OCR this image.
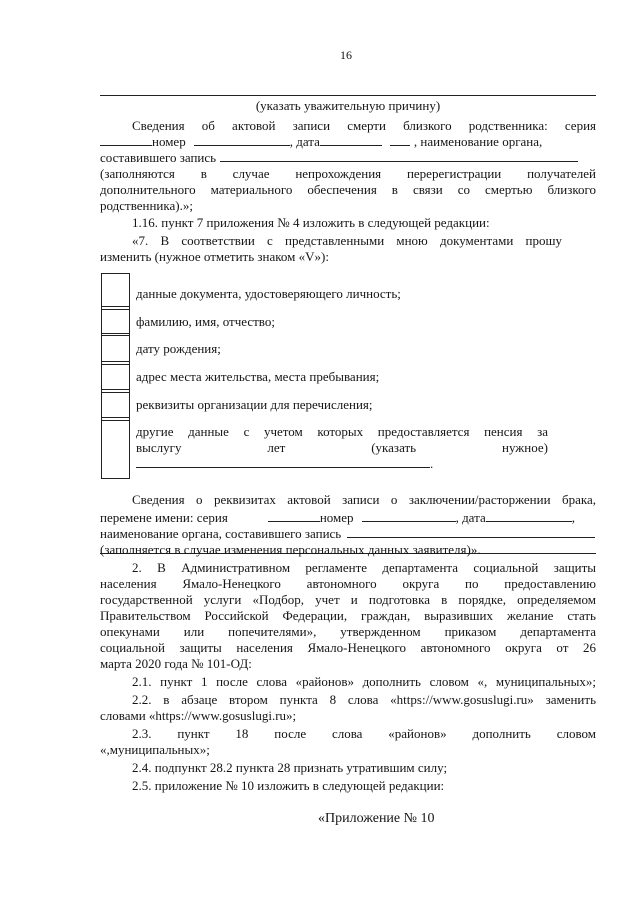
16
(указать уважительную причину)
Сведения об актовой записи смерти близкого родственника: серия
номер	, дата	, наименование органа,
составившего запись
(заполняются в случае непрохождения перерегистрации получателей
дополнительного материального обеспечения в связи со смертью близкого
родственника).»;
1.16. пункт 7 приложения № 4 изложить в следующей редакции:
«7. В соответствии с представленными мною документами прошу
изменить (нужное отметить знаком «V»):
данные документа, удостоверяющего личность;
фамилию, имя, отчество;
дату рождения;
адрес места жительства, места пребывания;
реквизиты организации для перечисления;
другие данные с учетом которых предоставляется пенсия за
выслугу лет (указать нужное)
.
Сведения о реквизитах актовой записи о заключении/расторжении брака,
перемене имени: серия	номер	, дата	,
наименование органа, составившего запись
(заполняется в случае изменения персональных данных заявителя)».
2. В Административном регламенте департамента социальной защиты
населения Ямало-Ненецкого автономного округа по предоставлению
государственной услуги «Подбор, учет и подготовка в порядке, определяемом
Правительством Российской Федерации, граждан, выразивших желание стать
опекунами или попечителями», утвержденном приказом департамента
социальной защиты населения Ямало-Ненецкого автономного округа от 26
марта 2020 года № 101-ОД:
2.1. пункт 1 после слова «районов» дополнить словом «, муниципальных»;
2.2. в абзаце втором пункта 8 слова «https://www.gosuslugi.ru» заменить
словами «https://www.gosuslugi.ru»;
2.3. пункт 18 после слова «районов» дополнить словом
«,муниципальных»;
2.4. подпункт 28.2 пункта 28 признать утратившим силу;
2.5. приложение № 10 изложить в следующей редакции:
«Приложение № 10
